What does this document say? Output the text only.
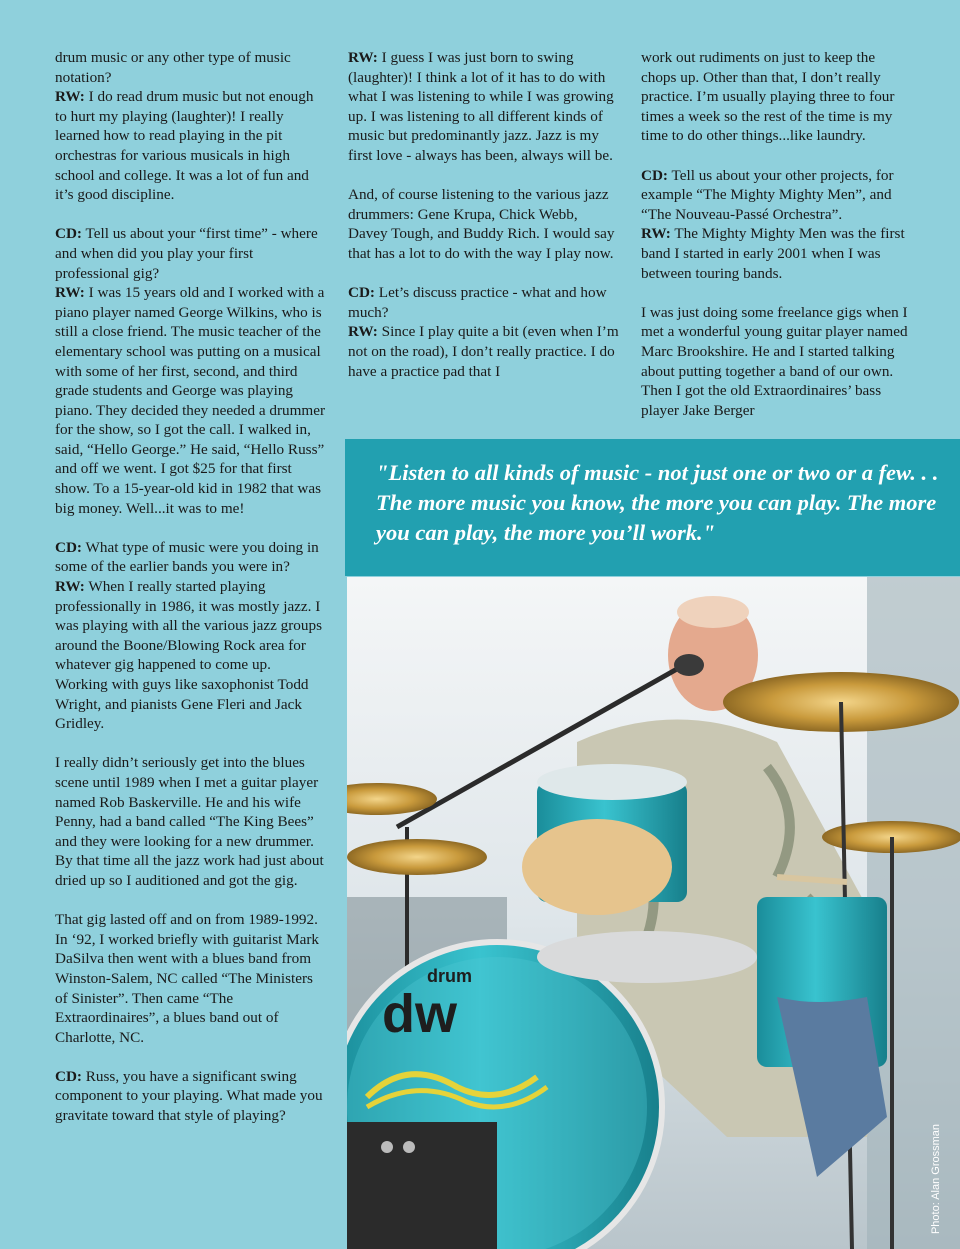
drum music or any other type of music notation?
RW: I do read drum music but not enough to hurt my playing (laughter)! I really learned how to read playing in the pit orchestras for various musicals in high school and college. It was a lot of fun and it’s good discipline.

CD: Tell us about your “first time” - where and when did you play your first professional gig?
RW: I was 15 years old and I worked with a piano player named George Wilkins, who is still a close friend. The music teacher of the elementary school was putting on a musical with some of her first, second, and third grade students and George was playing piano. They decided they needed a drummer for the show, so I got the call. I walked in, said, “Hello George.” He said, “Hello Russ” and off we went. I got $25 for that first show. To a 15-year-old kid in 1982 that was big money. Well...it was to me!

CD: What type of music were you doing in some of the earlier bands you were in?
RW: When I really started playing professionally in 1986, it was mostly jazz. I was playing with all the various jazz groups around the Boone/Blowing Rock area for whatever gig happened to come up. Working with guys like saxophonist Todd Wright, and pianists Gene Fleri and Jack Gridley.

I really didn’t seriously get into the blues scene until 1989 when I met a guitar player named Rob Baskerville. He and his wife Penny, had a band called “The King Bees” and they were looking for a new drummer. By that time all the jazz work had just about dried up so I auditioned and got the gig.

That gig lasted off and on from 1989-1992. In ‘92, I worked briefly with guitarist Mark DaSilva then went with a blues band from Winston-Salem, NC called “The Ministers of Sinister”. Then came “The Extraordinaires”, a blues band out of Charlotte, NC.

CD: Russ, you have a significant swing component to your playing. What made you gravitate toward that style of playing?

RW: I guess I was just born to swing (laughter)! I think a lot of it has to do with what I was listening to while I was growing up. I was listening to all different kinds of music but predominantly jazz. Jazz is my first love - always has been, always will be.

And, of course listening to the various jazz drummers: Gene Krupa, Chick Webb, Davey Tough, and Buddy Rich. I would say that has a lot to do with the way I play now.

CD: Let’s discuss practice - what and how much?
RW: Since I play quite a bit (even when I’m not on the road), I don’t really practice. I do have a practice pad that I

work out rudiments on just to keep the chops up. Other than that, I don’t really practice. I’m usually playing three to four times a week so the rest of the time is my time to do other things...like laundry.

CD: Tell us about your other projects, for example “The Mighty Mighty Men”, and “The Nouveau-Passé Orchestra”.
RW: The Mighty Mighty Men was the first band I started in early 2001 when I was between touring bands.

I was just doing some freelance gigs when I met a wonderful young guitar player named Marc Brookshire. He and I started talking about putting together a band of our own. Then I got the old Extraordinaires’ bass player Jake Berger

"Listen to all kinds of music - not just one or two or a few. . . The more music you know, the more you can play. The more you can play, the more you’ll work."
drum
dw
Photo: Alan Grossman
